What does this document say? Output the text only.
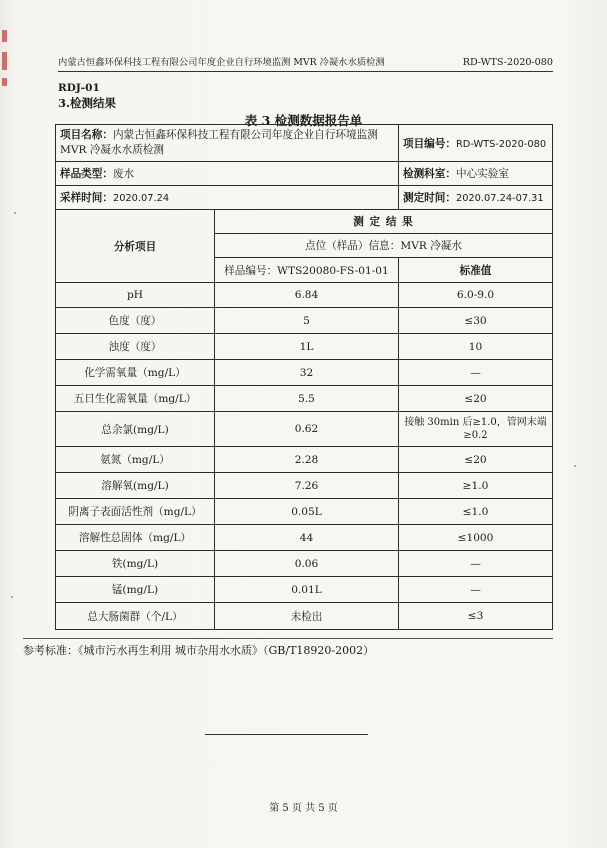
内蒙古恒鑫环保科技工程有限公司年度企业自行环境监测 MVR 冷凝水水质检测	RD-WTS-2020-080
RDJ-01
3.检测结果
表 3 检测数据报告单
项目名称：内蒙古恒鑫环保科技工程有限公司年度企业自行环境监测 MVR 冷凝水水质检测		项目编号：RD-WTS-2020-080
样品类型：废水		检测科室：中心实验室
采样时间：2020.07.24		测定时间：2020.07.24-07.31
分析项目	测 定 结 果	
	点位（样品）信息：MVR 冷凝水	
	样品编号：WTS20080-FS-01-01	标准值
pH	6.84	6.0-9.0
色度（度）	5	≤30
浊度（度）	1L	10
化学需氧量（mg/L）	32	—
五日生化需氧量（mg/L）	5.5	≤20
总余氯(mg/L)	0.62	接触 30min 后≥1.0，管网末端≥0.2
氨氮（mg/L）	2.28	≤20
溶解氧(mg/L)	7.26	≥1.0
阴离子表面活性剂（mg/L）	0.05L	≤1.0
溶解性总固体（mg/L）	44	≤1000
铁(mg/L)	0.06	—
锰(mg/L)	0.01L	—
总大肠菌群（个/L）	未检出	≤3
参考标准：《城市污水再生利用 城市杂用水水质》（GB/T18920-2002）
第 5 页 共 5 页
